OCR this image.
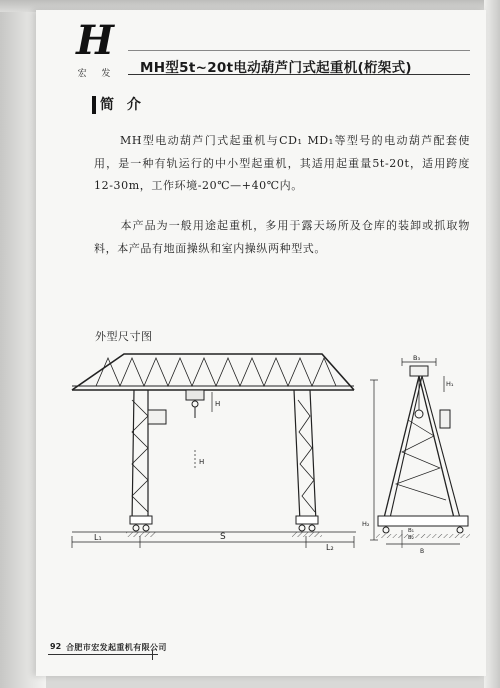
H
宏 发	MH型5t~20t电动葫芦门式起重机(桁架式)
简 介
MH型电动葫芦门式起重机与CD₁ MD₁等型号的电动葫芦配套使用，是一种有轨运行的中小型起重机，其适用起重量5t-20t，适用跨度12-30m，工作环境-20℃—+40℃内。
本产品为一般用途起重机，多用于露天场所及仓库的装卸或抓取物料，本产品有地面操纵和室内操纵两种型式。
外型尺寸图
L₁	S
L₂
H
H
B₃
H₁
H₂
B₁
B₂
B
92 合肥市宏发起重机有限公司
